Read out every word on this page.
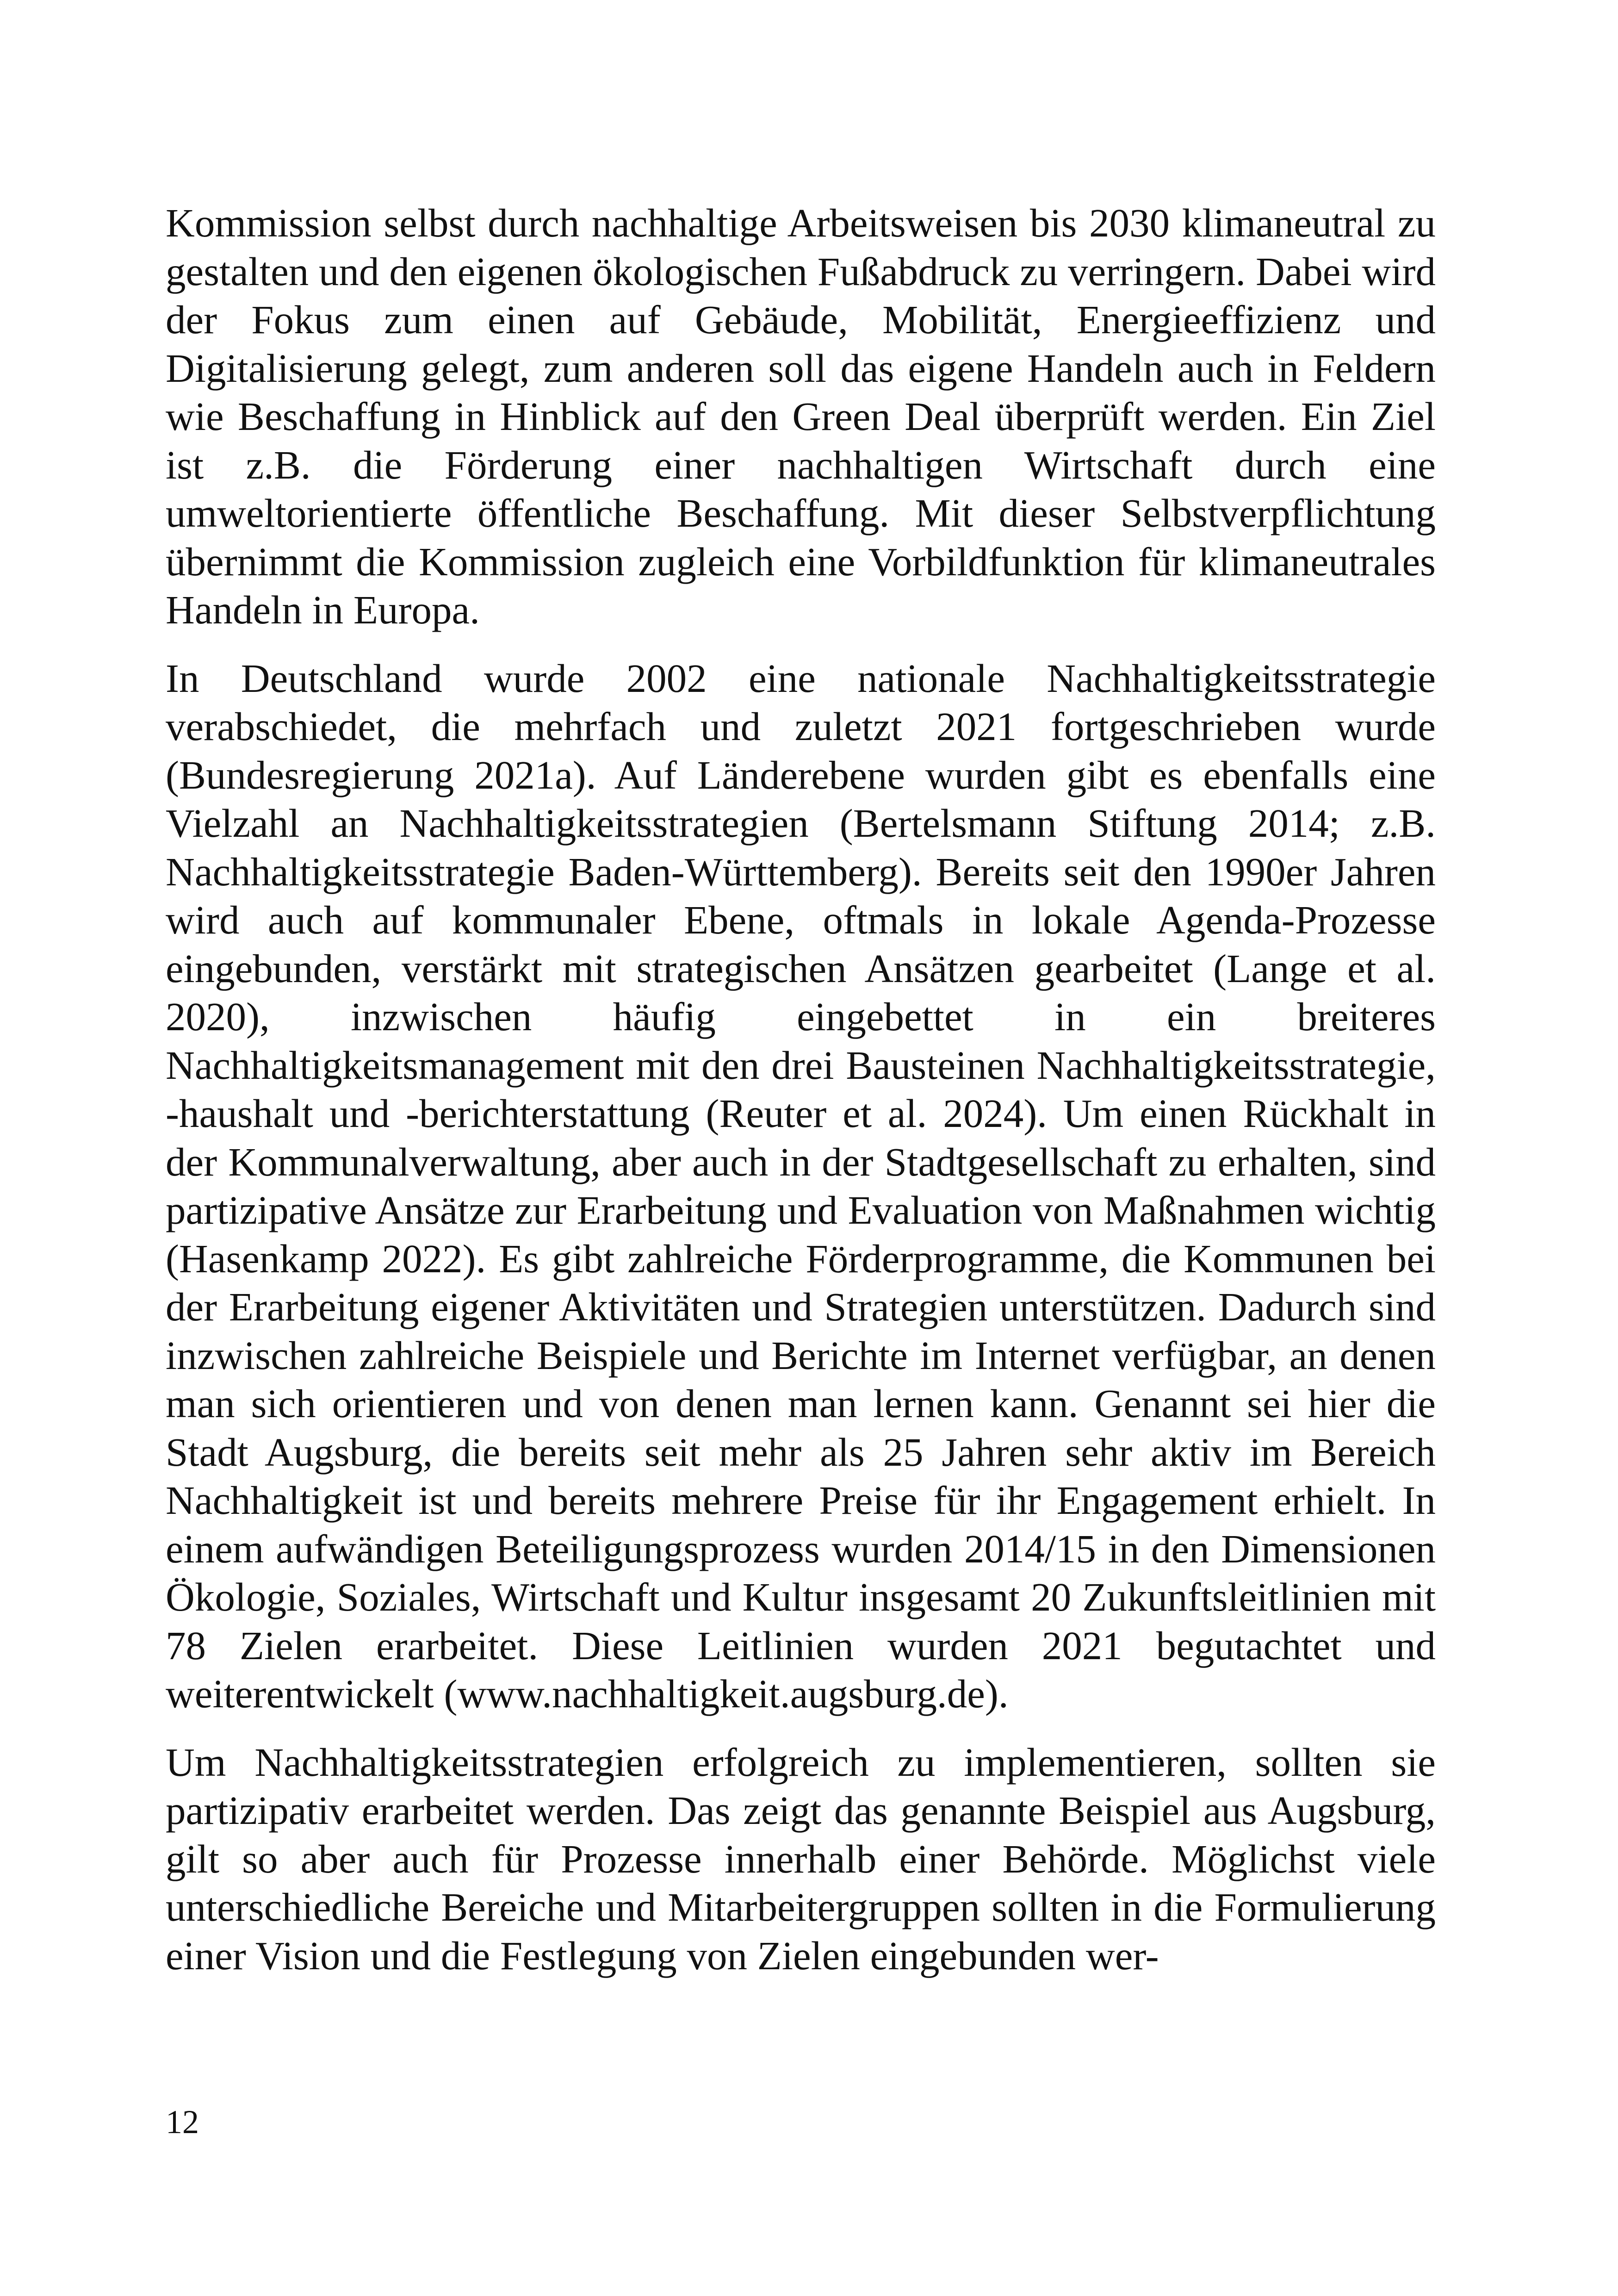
Kommission selbst durch nachhaltige Arbeitsweisen bis 2030 klimaneutral zu gestalten und den eigenen ökologischen Fußabdruck zu verringern. Dabei wird der Fokus zum einen auf Gebäude, Mobilität, Energieeffizienz und Digitalisierung gelegt, zum anderen soll das eigene Handeln auch in Feldern wie Beschaffung in Hinblick auf den Green Deal überprüft werden. Ein Ziel ist z.B. die Förderung einer nachhaltigen Wirtschaft durch eine umweltorientierte öffentliche Beschaffung. Mit dieser Selbstverpflichtung übernimmt die Kommission zugleich eine Vorbildfunktion für klimaneutrales Handeln in Europa.

In Deutschland wurde 2002 eine nationale Nachhaltigkeitsstrategie verabschiedet, die mehrfach und zuletzt 2021 fortgeschrieben wurde (Bundesregierung 2021a). Auf Länderebene wurden gibt es ebenfalls eine Vielzahl an Nachhaltigkeitsstrategien (Bertelsmann Stiftung 2014; z.B. Nachhaltigkeitsstrategie Baden-Württemberg). Bereits seit den 1990er Jahren wird auch auf kommunaler Ebene, oftmals in lokale Agenda-Prozesse eingebunden, verstärkt mit strategischen Ansätzen gearbeitet (Lange et al. 2020), inzwischen häufig eingebettet in ein breiteres Nachhaltigkeitsmanagement mit den drei Bausteinen Nachhaltigkeitsstrategie, -haushalt und -berichterstattung (Reuter et al. 2024). Um einen Rückhalt in der Kommunalverwaltung, aber auch in der Stadtgesellschaft zu erhalten, sind partizipative Ansätze zur Erarbeitung und Evaluation von Maßnahmen wichtig (Hasenkamp 2022). Es gibt zahlreiche Förderprogramme, die Kommunen bei der Erarbeitung eigener Aktivitäten und Strategien unterstützen. Dadurch sind inzwischen zahlreiche Beispiele und Berichte im Internet verfügbar, an denen man sich orientieren und von denen man lernen kann. Genannt sei hier die Stadt Augsburg, die bereits seit mehr als 25 Jahren sehr aktiv im Bereich Nachhaltigkeit ist und bereits mehrere Preise für ihr Engagement erhielt. In einem aufwändigen Beteiligungsprozess wurden 2014/15 in den Dimensionen Ökologie, Soziales, Wirtschaft und Kultur insgesamt 20 Zukunftsleitlinien mit 78 Zielen erarbeitet. Diese Leitlinien wurden 2021 begutachtet und weiterentwickelt (www.nachhaltigkeit.augsburg.de).

Um Nachhaltigkeitsstrategien erfolgreich zu implementieren, sollten sie partizipativ erarbeitet werden. Das zeigt das genannte Beispiel aus Augsburg, gilt so aber auch für Prozesse innerhalb einer Behörde. Möglichst viele unterschiedliche Bereiche und Mitarbeitergruppen sollten in die Formulierung einer Vision und die Festlegung von Zielen eingebunden wer-

12
